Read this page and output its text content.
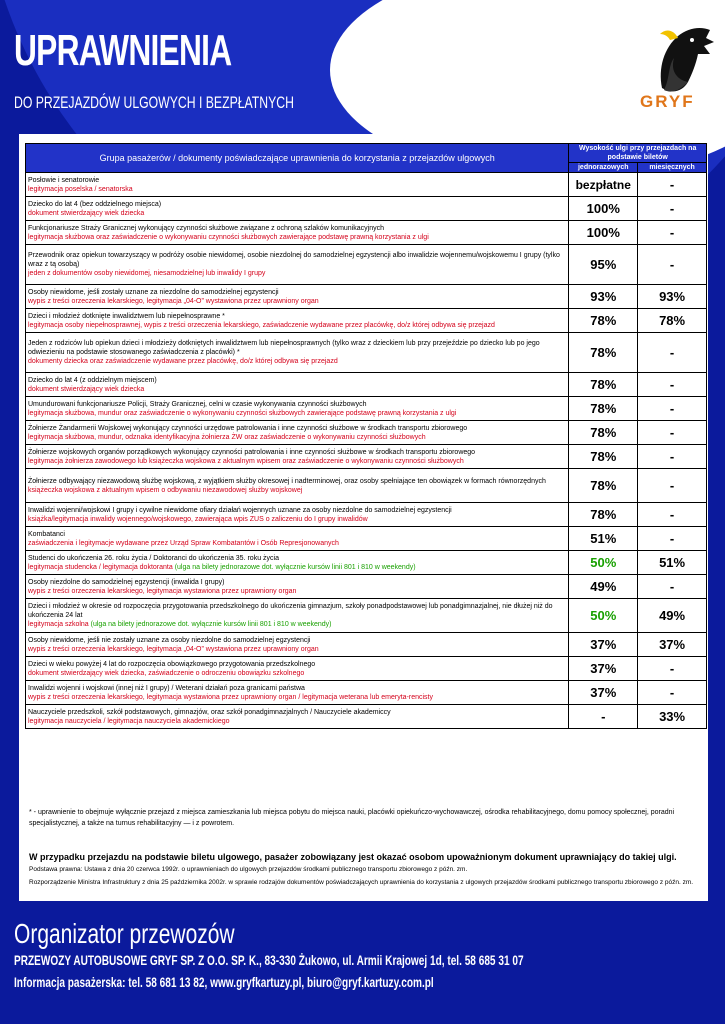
UPRAWNIENIA
DO PRZEJAZDÓW ULGOWYCH I BEZPŁATNYCH	GRYF
Grupa pasażerów / dokumenty poświadczające uprawnienia do korzystania z przejazdów ulgowych	Wysokość ulgi przy przejazdach na podstawie biletów	
	jednorazowych	miesięcznych

Posłowie i senatorowie
legitymacja poselska / senatorska	bezpłatne	-

Dziecko do lat 4 (bez oddzielnego miejsca)
dokument stwierdzający wiek dziecka	100%	-

Funkcjonariusze Straży Granicznej wykonujący czynności służbowe związane z ochroną szlaków komunikacyjnych
legitymacja służbowa oraz zaświadczenie o wykonywaniu czynności służbowych zawierające podstawę prawną korzystania z ulgi	100%	-

Przewodnik oraz opiekun towarzyszący w podróży osobie niewidomej, osobie niezdolnej do samodzielnej egzystencji albo inwalidzie wojennemu/wojskowemu I grupy (tylko wraz z tą osobą)
jeden z dokumentów osoby niewidomej, niesamodzielnej lub inwalidy I grupy	95%	-

Osoby niewidome, jeśli zostały uznane za niezdolne do samodzielnej egzystencji
wypis z treści orzeczenia lekarskiego, legitymacja „04-O” wystawiona przez uprawniony organ	93%	93%

Dzieci i młodzież dotknięte inwalidztwem lub niepełnosprawne *
legitymacja osoby niepełnosprawnej, wypis z treści orzeczenia lekarskiego, zaświadczenie wydawane przez placówkę, do/z której odbywa się przejazd	78%	78%

Jeden z rodziców lub opiekun dzieci i młodzieży dotkniętych inwalidztwem lub niepełnosprawnych (tylko wraz z dzieckiem lub przy przejeździe po dziecko lub po jego odwiezieniu na podstawie stosowanego zaświadczenia z placówki) *
dokumenty dziecka oraz zaświadczenie wydawane przez placówkę, do/z której odbywa się przejazd	78%	-

Dziecko do lat 4 (z oddzielnym miejscem)
dokument stwierdzający wiek dziecka	78%	-

Umundurowani funkcjonariusze Policji, Straży Granicznej, celni w czasie wykonywania czynności służbowych
legitymacja służbowa, mundur oraz zaświadczenie o wykonywaniu czynności służbowych zawierające podstawę prawną korzystania z ulgi	78%	-

Żołnierze Żandarmerii Wojskowej wykonujący czynności urzędowe patrolowania i inne czynności służbowe w środkach transportu zbiorowego
legitymacja służbowa, mundur, odznaka identyfikacyjna żołnierza ŻW oraz zaświadczenie o wykonywaniu czynności służbowych	78%	-

Żołnierze wojskowych organów porządkowych wykonujący czynności patrolowania i inne czynności służbowe w środkach transportu zbiorowego
legitymacja żołnierza zawodowego lub książeczka wojskowa z aktualnym wpisem oraz zaświadczenie o wykonywaniu czynności służbowych	78%	-

Żołnierze odbywający niezawodową służbę wojskową, z wyjątkiem służby okresowej i nadterminowej, oraz osoby spełniające ten obowiązek w formach równorzędnych
książeczka wojskowa z aktualnym wpisem o odbywaniu niezawodowej służby wojskowej	78%	-

Inwalidzi wojenni/wojskowi I grupy i cywilne niewidome ofiary działań wojennych uznane za osoby niezdolne do samodzielnej egzystencji
książka/legitymacja inwalidy wojennego/wojskowego, zawierająca wpis ZUS o zaliczeniu do I grupy inwalidów	78%	-

Kombatanci
zaświadczenia i legitymacje wydawane przez Urząd Spraw Kombatantów i Osób Represjonowanych	51%	-

Studenci do ukończenia 26. roku życia / Doktoranci do ukończenia 35. roku życia
legitymacja studencka / legitymacja doktoranta (ulga na bilety jednorazowe dot. wyłącznie kursów linii 801 i 810 w weekendy)	50%	51%

Osoby niezdolne do samodzielnej egzystencji (inwalida I grupy)
wypis z treści orzeczenia lekarskiego, legitymacja wystawiona przez uprawniony organ	49%	-

Dzieci i młodzież w okresie od rozpoczęcia przygotowania przedszkolnego do ukończenia gimnazjum, szkoły ponadpodstawowej lub ponadgimnazjalnej, nie dłużej niż do ukończenia 24 lat
legitymacja szkolna (ulga na bilety jednorazowe dot. wyłącznie kursów linii 801 i 810 w weekendy)	50%	49%

Osoby niewidome, jeśli nie zostały uznane za osoby niezdolne do samodzielnej egzystencji
wypis z treści orzeczenia lekarskiego, legitymacja „04-O” wystawiona przez uprawniony organ	37%	37%

Dzieci w wieku powyżej 4 lat do rozpoczęcia obowiązkowego przygotowania przedszkolnego
dokument stwierdzający wiek dziecka, zaświadczenie o odroczeniu obowiązku szkolnego	37%	-

Inwalidzi wojenni i wojskowi (innej niż I grupy) / Weterani działań poza granicami państwa
wypis z treści orzeczenia lekarskiego, legitymacja wystawiona przez uprawniony organ / legitymacja weterana lub emeryta-rencisty	37%	-

Nauczyciele przedszkoli, szkół podstawowych, gimnazjów, oraz szkół ponadgimnazjalnych / Nauczyciele akademiccy
legitymacja nauczyciela / legitymacja nauczyciela akademickiego	-	33%
* - uprawnienie to obejmuje wyłącznie przejazd z miejsca zamieszkania lub miejsca pobytu do miejsca nauki, placówki opiekuńczo-wychowawczej, ośrodka rehabilitacyjnego, domu pomocy społecznej, poradni specjalistycznej, a także na turnus rehabilitacyjny — i z powrotem.
W przypadku przejazdu na podstawie biletu ulgowego, pasażer zobowiązany jest okazać osobom upoważnionym dokument uprawniający do takiej ulgi.
Podstawa prawna: Ustawa z dnia 20 czerwca 1992r. o uprawnieniach do ulgowych przejazdów środkami publicznego transportu zbiorowego z późn. zm.
Rozporządzenie Ministra Infrastruktury z dnia 25 października 2002r. w sprawie rodzajów dokumentów poświadczających uprawnienia do korzystania z ulgowych przejazdów środkami publicznego transportu zbiorowego z późn. zm.
Organizator przewozów
PRZEWOZY AUTOBUSOWE GRYF SP. Z O.O. SP. K., 83-330 Żukowo, ul. Armii Krajowej 1d, tel. 58 685 31 07
Informacja pasażerska: tel. 58 681 13 82, www.gryfkartuzy.pl, biuro@gryf.kartuzy.com.pl
